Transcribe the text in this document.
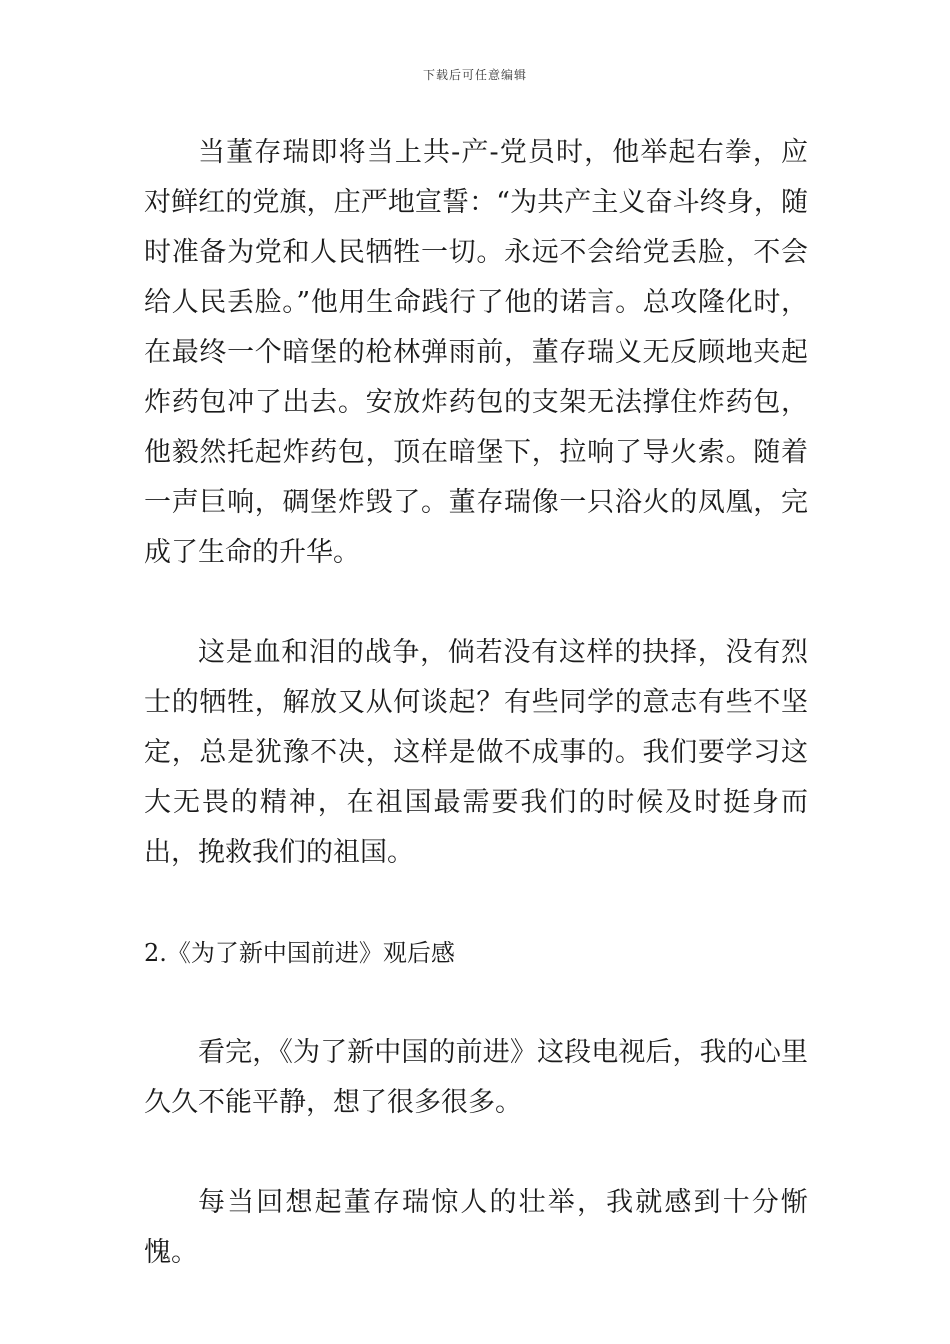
下载后可任意编辑

当董存瑞即将当上共-产-党员时，他举起右拳，应对鲜红的党旗，庄严地宣誓：“为共产主义奋斗终身，随时准备为党和人民牺牲一切。永远不会给党丢脸，不会给人民丢脸。”他用生命践行了他的诺言。总攻隆化时，在最终一个暗堡的枪林弹雨前，董存瑞义无反顾地夹起炸药包冲了出去。安放炸药包的支架无法撑住炸药包，他毅然托起炸药包，顶在暗堡下，拉响了导火索。随着一声巨响，碉堡炸毁了。董存瑞像一只浴火的凤凰，完成了生命的升华。

这是血和泪的战争，倘若没有这样的抉择，没有烈士的牺牲，解放又从何谈起？有些同学的意志有些不坚定，总是犹豫不决，这样是做不成事的。我们要学习这大无畏的精神，在祖国最需要我们的时候及时挺身而出，挽救我们的祖国。

2.《为了新中国前进》观后感

看完，《为了新中国的前进》这段电视后，我的心里久久不能平静，想了很多很多。

每当回想起董存瑞惊人的壮举，我就感到十分惭愧。
